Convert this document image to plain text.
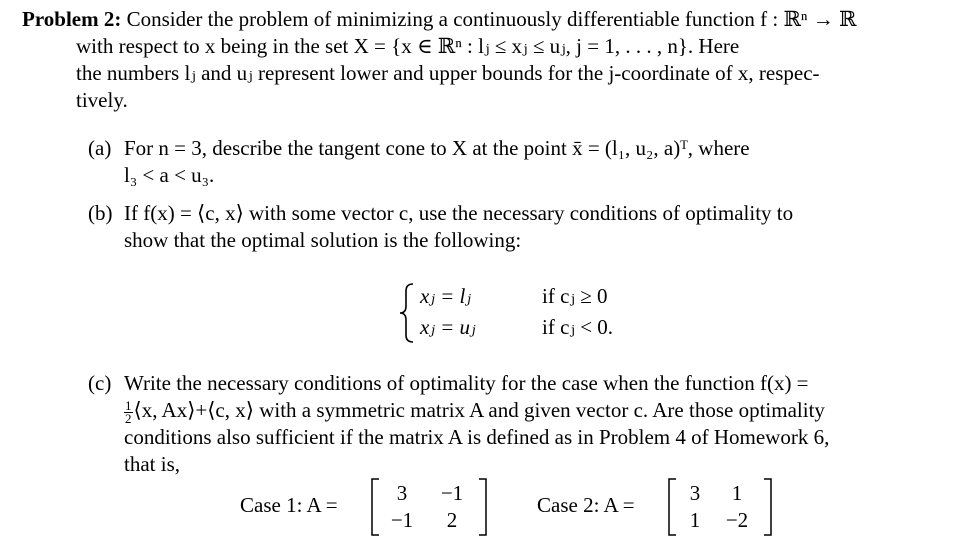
Problem 2: Consider the problem of minimizing a continuously differentiable function f : ℝⁿ → ℝ
with respect to x being in the set X = {x ∈ ℝⁿ : lⱼ ≤ xⱼ ≤ uⱼ, j = 1, . . . , n}. Here
the numbers lⱼ and uⱼ represent lower and upper bounds for the j-coordinate of x, respec-
tively.
(a) For n = 3, describe the tangent cone to X at the point x̄ = (l₁, u₂, a)ᵀ, where
l₃ < a < u₃.
(b) If f(x) = ⟨c, x⟩ with some vector c, use the necessary conditions of optimality to
show that the optimal solution is the following:
xⱼ = lⱼ	if cⱼ ≥ 0
xⱼ = uⱼ	if cⱼ < 0.
(c) Write the necessary conditions of optimality for the case when the function f(x) =
$\frac{1}{2}$ ⟨x, Ax⟩+⟨c, x⟩ with a symmetric matrix A and given vector c. Are those optimality
conditions also sufficient if the matrix A is defined as in Problem 4 of Homework 6,
that is,
Case 1: A =	3	−1
−1	2
Case 2: A =	3	1
1	−2
